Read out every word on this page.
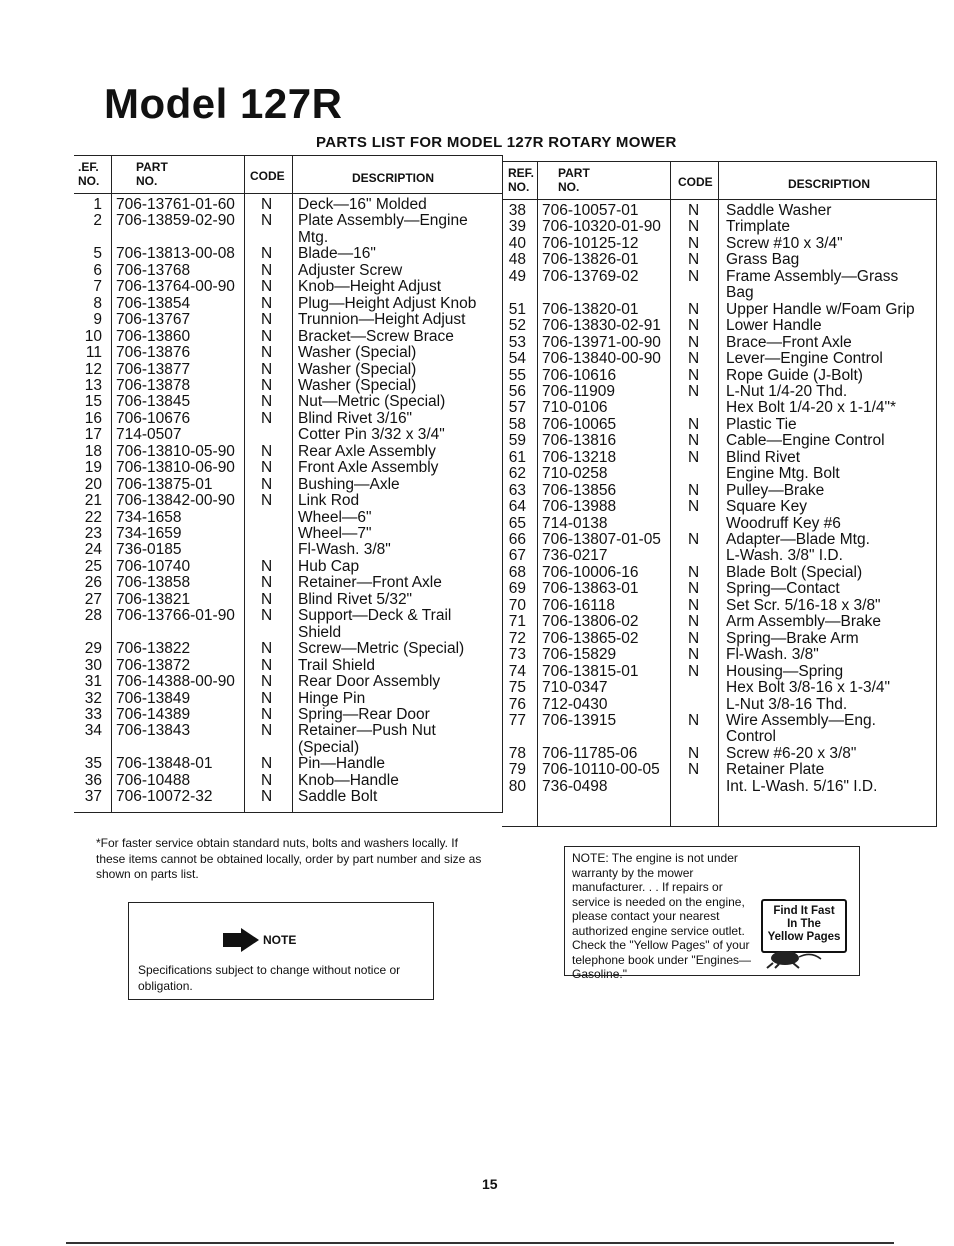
Model 127R
PARTS LIST FOR MODEL 127R ROTARY MOWER
.EF.
NO.
PART
NO.	CODE	DESCRIPTION
1 706-13761-01-60 N Deck—16" Molded
2 706-13859-02-90 N Plate Assembly—Engine
Mtg.
5 706-13813-00-08 N Blade—16"
6 706-13768	N Adjuster Screw
7 706-13764-00-90 N Knob—Height Adjust
8 706-13854	N Plug—Height Adjust Knob
9 706-13767	N Trunnion—Height Adjust
10 706-13860	N Bracket—Screw Brace
11 706-13876	N Washer (Special)
12 706-13877	N Washer (Special)
13 706-13878	N Washer (Special)
15 706-13845	N Nut—Metric (Special)
16 706-10676	N Blind Rivet 3/16"
17 714-0507	Cotter Pin 3/32 x 3/4"
18 706-13810-05-90 N Rear Axle Assembly
19 706-13810-06-90 N Front Axle Assembly
20 706-13875-01	N Bushing—Axle
21 706-13842-00-90 N Link Rod
22 734-1658	Wheel—6"
23 734-1659	Wheel—7"
24 736-0185	Fl-Wash. 3/8"
25 706-10740	N Hub Cap
26 706-13858	N Retainer—Front Axle
27 706-13821	N Blind Rivet 5/32"
28 706-13766-01-90 N Support—Deck & Trail
Shield
29 706-13822	N Screw—Metric (Special)
30 706-13872	N Trail Shield
31 706-14388-00-90 N Rear Door Assembly
32 706-13849	N Hinge Pin
33 706-14389	N Spring—Rear Door
34 706-13843	N Retainer—Push Nut
(Special)
35 706-13848-01	N Pin—Handle
36 706-10488	N Knob—Handle
37 706-10072-32	N Saddle Bolt
REF.
NO.
PART
NO.	CODE	DESCRIPTION
38 706-10057-01	N Saddle Washer
39 706-10320-01-90 N Trimplate
40 706-10125-12	N Screw #10 x 3/4"
48 706-13826-01	N Grass Bag
49 706-13769-02	N Frame Assembly—Grass
Bag
51 706-13820-01	N Upper Handle w/Foam Grip
52 706-13830-02-91 N Lower Handle
53 706-13971-00-90 N Brace—Front Axle
54 706-13840-00-90 N Lever—Engine Control
55 706-10616	N Rope Guide (J-Bolt)
56 706-11909	N L-Nut 1/4-20 Thd.
57 710-0106	Hex Bolt 1/4-20 x 1-1/4"*
58 706-10065	N Plastic Tie
59 706-13816	N Cable—Engine Control
61 706-13218	N Blind Rivet
62 710-0258	Engine Mtg. Bolt
63 706-13856	N Pulley—Brake
64 706-13988	N Square Key
65 714-0138	Woodruff Key #6
66 706-13807-01-05 N Adapter—Blade Mtg.
67 736-0217	L-Wash. 3/8" I.D.
68 706-10006-16	N Blade Bolt (Special)
69 706-13863-01	N Spring—Contact
70 706-16118	N Set Scr. 5/16-18 x 3/8"
71 706-13806-02	N Arm Assembly—Brake
72 706-13865-02	N Spring—Brake Arm
73 706-15829	N Fl-Wash. 3/8"
74 706-13815-01	N Housing—Spring
75 710-0347	Hex Bolt 3/8-16 x 1-3/4"
76 712-0430	L-Nut 3/8-16 Thd.
77 706-13915	N Wire Assembly—Eng.
Control
78 706-11785-06	N Screw #6-20 x 3/8"
79 706-10110-00-05 N Retainer Plate
80 736-0498	Int. L-Wash. 5/16" I.D.
*For faster service obtain standard nuts, bolts and washers locally. If these items cannot be obtained locally, order by part number and size as shown on parts list.
NOTE
Specifications subject to change without notice or obligation.
NOTE: The engine is not under warranty by the mower manufacturer. . . If repairs or service is needed on the engine, please contact your nearest authorized engine service outlet. Check the "Yellow Pages" of your telephone book under "Engines—Gasoline."
Find It Fast
In The
Yellow Pages
15
